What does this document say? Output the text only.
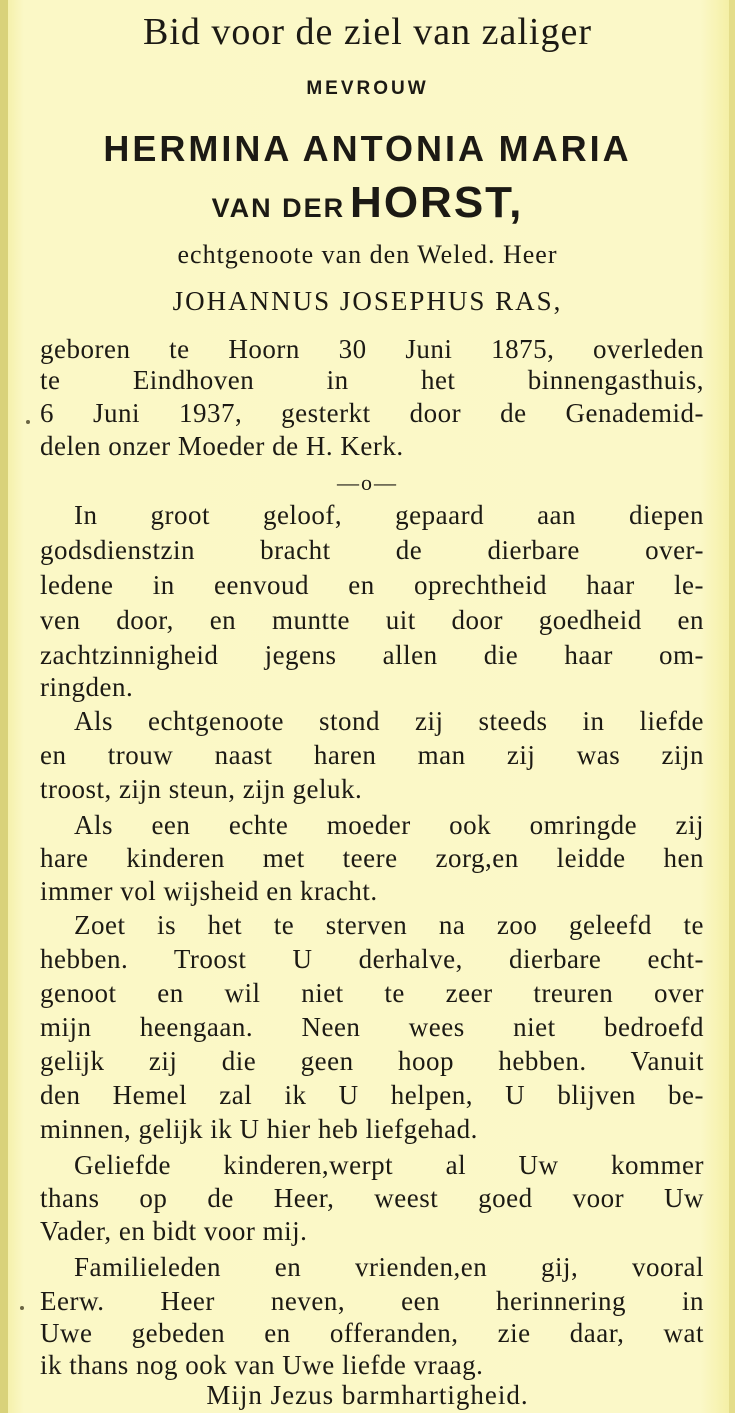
Bid voor de ziel van zaliger
MEVROUW
HERMINA ANTONIA MARIA
VAN DER HORST,
echtgenoote van den Weled. Heer
JOHANNUS JOSEPHUS RAS,
geboren te Hoorn 30 Juni 1875, overleden
te Eindhoven in het binnengasthuis,
6 Juni 1937, gesterkt door de Genademid-
delen onzer Moeder de H. Kerk.
—o—
In groot geloof, gepaard aan diepen
godsdienstzin bracht de dierbare over-
ledene in eenvoud en oprechtheid haar le-
ven door, en muntte uit door goedheid en
zachtzinnigheid jegens allen die haar om-
ringden.
Als echtgenoote stond zij steeds in liefde
en trouw naast haren man zij was zijn
troost, zijn steun, zijn geluk.
Als een echte moeder ook omringde zij
hare kinderen met teere zorg,en leidde hen
immer vol wijsheid en kracht.
Zoet is het te sterven na zoo geleefd te
hebben. Troost U derhalve, dierbare echt-
genoot en wil niet te zeer treuren over
mijn heengaan. Neen wees niet bedroefd
gelijk zij die geen hoop hebben. Vanuit
den Hemel zal ik U helpen, U blijven be-
minnen, gelijk ik U hier heb liefgehad.
Geliefde kinderen,werpt al Uw kommer
thans op de Heer, weest goed voor Uw
Vader, en bidt voor mij.
Familieleden en vrienden,en gij, vooral
Eerw. Heer neven, een herinnering in
Uwe gebeden en offeranden, zie daar, wat
ik thans nog ook van Uwe liefde vraag.
Mijn Jezus barmhartigheid.
